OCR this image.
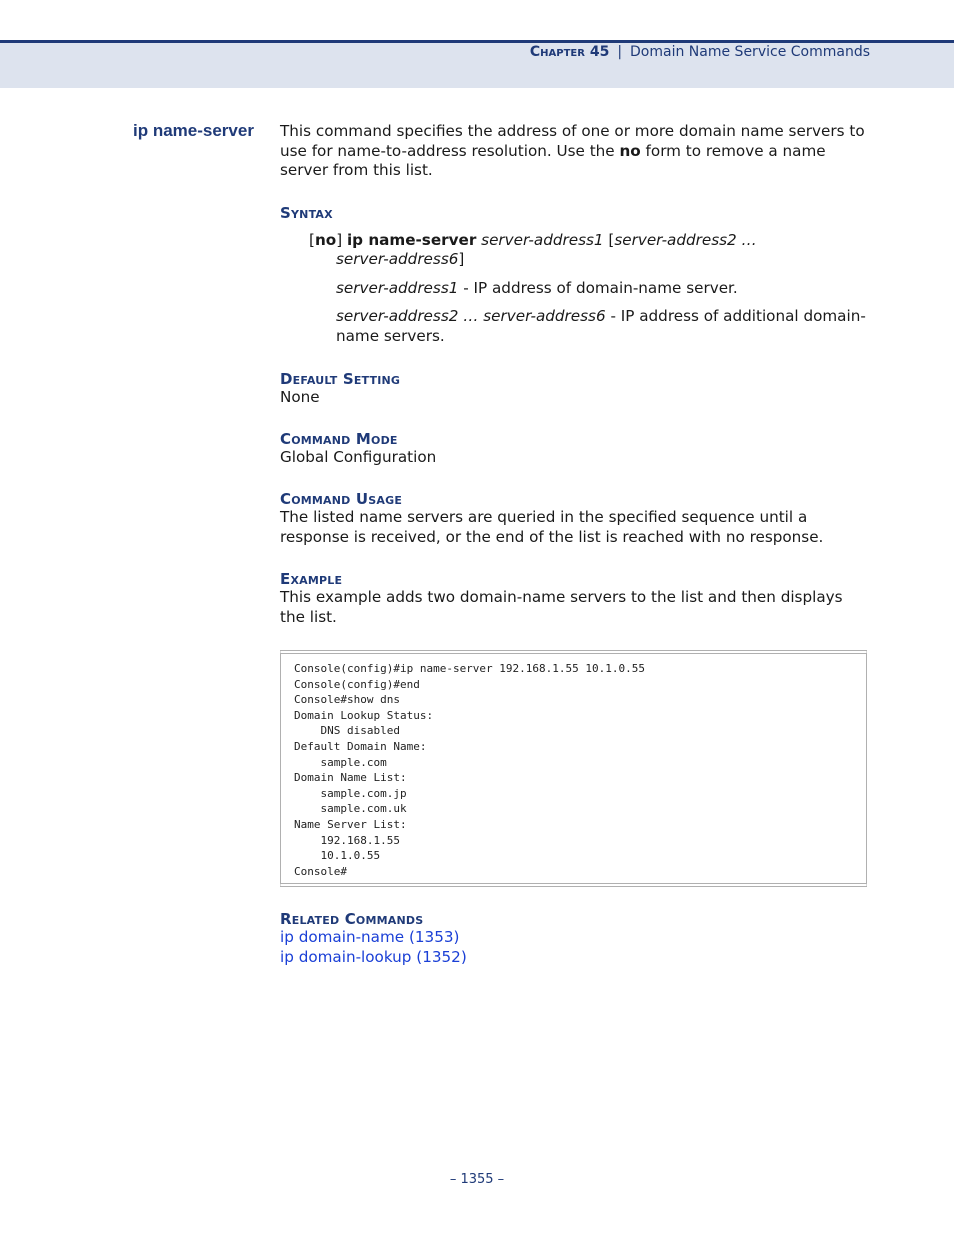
Chapter 45 | Domain Name Service Commands
ip name-server This command specifies the address of one or more domain name servers to use for name-to-address resolution. Use the no form to remove a name server from this list.

Syntax
[no] ip name-server server-address1 [server-address2 …
server-address6]
server-address1 - IP address of domain-name server.
server-address2 … server-address6 - IP address of additional domain-name servers.
Default Setting

None

Command Mode

Global Configuration

Command Usage

The listed name servers are queried in the specified sequence until a response is received, or the end of the list is reached with no response.

Example

This example adds two domain-name servers to the list and then displays the list.

Console(config)#ip name-server 192.168.1.55 10.1.0.55
Console(config)#end
Console#show dns
Domain Lookup Status:
DNS disabled
Default Domain Name:
sample.com
Domain Name List:
sample.com.jp
sample.com.uk
Name Server List:
192.168.1.55
10.1.0.55
Console#
Related Commands
ip domain-name (1353)
ip domain-lookup (1352)
– 1355 –
